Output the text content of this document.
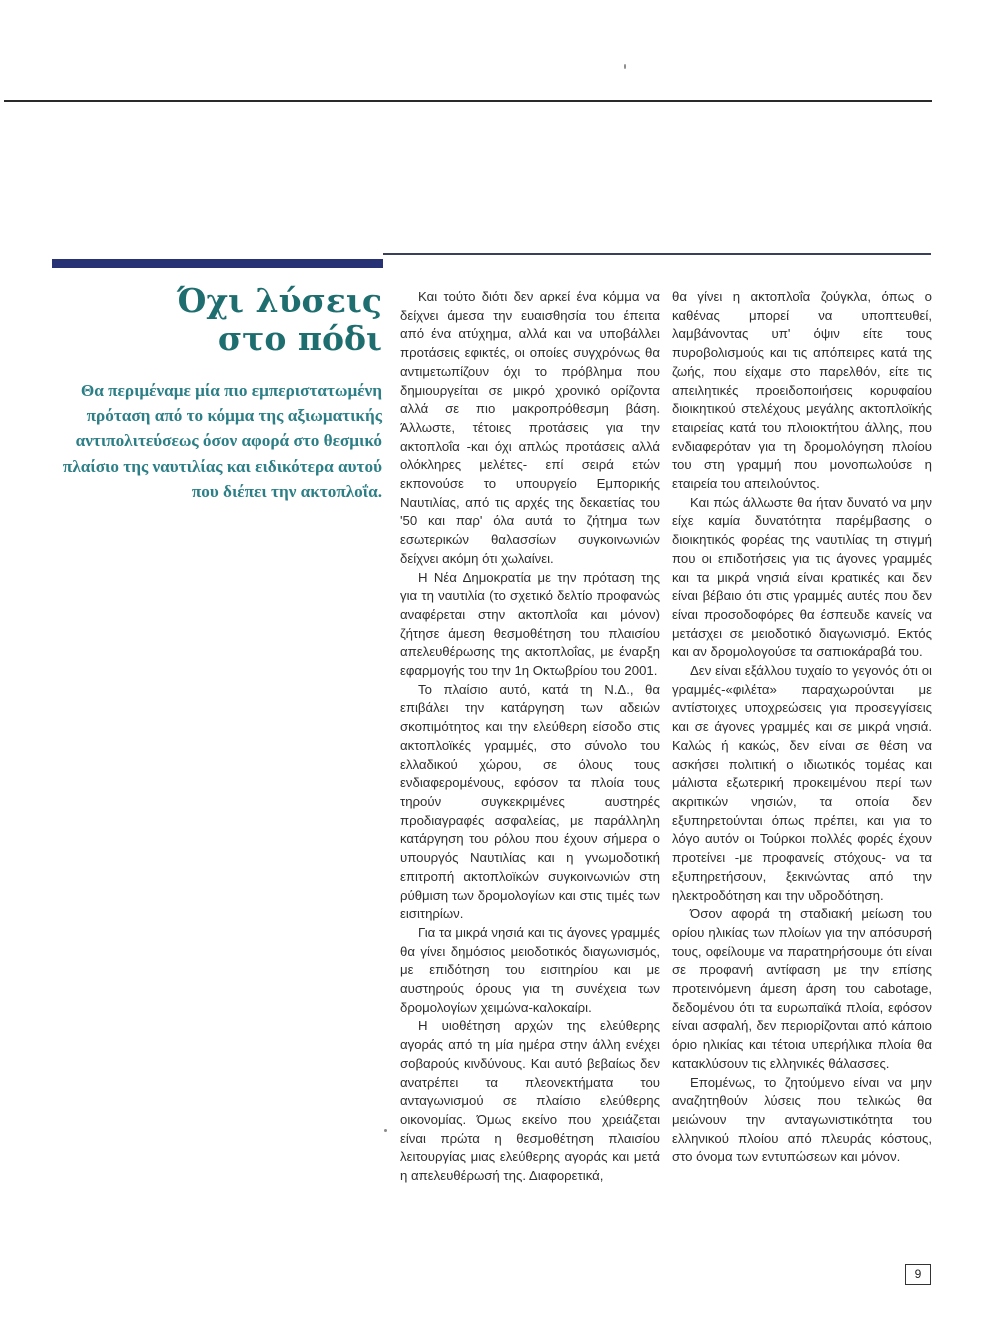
Όχι λύσεις
στο πόδι

Θα περιμέναμε μία πιο εμπεριστατωμένη πρόταση από το κόμμα της αξιωματικής αντιπολιτεύσεως όσον αφορά στο θεσμικό πλαίσιο της ναυτιλίας και ειδικότερα αυτού που διέπει την ακτοπλοΐα.

Και τούτο διότι δεν αρκεί ένα κόμμα να δείχνει άμεσα την ευαισθησία του έπειτα από ένα ατύχημα, αλλά και να υποβάλλει προτάσεις εφικτές, οι οποίες συγχρόνως θα αντιμετωπίζουν όχι το πρόβλημα που δημιουργείται σε μικρό χρονικό ορίζοντα αλλά σε πιο μακροπρόθεσμη βάση. Άλλωστε, τέτοιες προτάσεις για την ακτοπλοΐα -και όχι απλώς προτάσεις αλλά ολόκληρες μελέτες- επί σειρά ετών εκπονούσε το υπουργείο Εμπορικής Ναυτιλίας, από τις αρχές της δεκαετίας του '50 και παρ' όλα αυτά το ζήτημα των εσωτερικών θαλασσίων συγκοινωνιών δείχνει ακόμη ότι χωλαίνει.

Η Νέα Δημοκρατία με την πρόταση της για τη ναυτιλία (το σχετικό δελτίο προφανώς αναφέρεται στην ακτοπλοΐα και μόνον) ζήτησε άμεση θεσμοθέτηση του πλαισίου απελευθέρωσης της ακτοπλοΐας, με έναρξη εφαρμογής του την 1η Οκτωβρίου του 2001.

Το πλαίσιο αυτό, κατά τη Ν.Δ., θα επιβάλει την κατάργηση των αδειών σκοπιμότητος και την ελεύθερη είσοδο στις ακτοπλοϊκές γραμμές, στο σύνολο του ελλαδικού χώρου, σε όλους τους ενδιαφερομένους, εφόσον τα πλοία τους τηρούν συγκεκριμένες αυστηρές προδιαγραφές ασφαλείας, με παράλληλη κατάργηση του ρόλου που έχουν σήμερα ο υπουργός Ναυτιλίας και η γνωμοδοτική επιτροπή ακτοπλοϊκών συγκοινωνιών στη ρύθμιση των δρομολογίων και στις τιμές των εισιτηρίων.

Για τα μικρά νησιά και τις άγονες γραμμές θα γίνει δημόσιος μειοδοτικός διαγωνισμός, με επιδότηση του εισιτηρίου και με αυστηρούς όρους για τη συνέχεια των δρομολογίων χειμώνα-καλοκαίρι.

Η υιοθέτηση αρχών της ελεύθερης αγοράς από τη μία ημέρα στην άλλη ενέχει σοβαρούς κινδύνους. Και αυτό βεβαίως δεν ανατρέπει τα πλεονεκτήματα του ανταγωνισμού σε πλαίσιο ελεύθερης οικονομίας. Όμως εκείνο που χρειάζεται είναι πρώτα η θεσμοθέτηση πλαισίου λειτουργίας μιας ελεύθερης αγοράς και μετά η απελευθέρωσή της. Διαφορετικά,

θα γίνει η ακτοπλοΐα ζούγκλα, όπως ο καθένας μπορεί να υποπτευθεί, λαμβάνοντας υπ' όψιν είτε τους πυροβολισμούς και τις απόπειρες κατά της ζωής, που είχαμε στο παρελθόν, είτε τις απειλητικές προειδοποιήσεις κορυφαίου διοικητικού στελέχους μεγάλης ακτοπλοϊκής εταιρείας κατά του πλοιοκτήτου άλλης, που ενδιαφερόταν για τη δρομολόγηση πλοίου του στη γραμμή που μονοπωλούσε η εταιρεία του απειλούντος.

Και πώς άλλωστε θα ήταν δυνατό να μην είχε καμία δυνατότητα παρέμβασης ο διοικητικός φορέας της ναυτιλίας τη στιγμή που οι επιδοτήσεις για τις άγονες γραμμές και τα μικρά νησιά είναι κρατικές και δεν είναι βέβαιο ότι στις γραμμές αυτές που δεν είναι προσοδοφόρες θα έσπευδε κανείς να μετάσχει σε μειοδοτικό διαγωνισμό. Εκτός και αν δρομολογούσε τα σαπιοκάραβά του.

Δεν είναι εξάλλου τυχαίο το γεγονός ότι οι γραμμές-«φιλέτα» παραχωρούνται με αντίστοιχες υποχρεώσεις για προσεγγίσεις και σε άγονες γραμμές και σε μικρά νησιά. Καλώς ή κακώς, δεν είναι σε θέση να ασκήσει πολιτική ο ιδιωτικός τομέας και μάλιστα εξωτερική προκειμένου περί των ακριτικών νησιών, τα οποία δεν εξυπηρετούνται όπως πρέπει, και για το λόγο αυτόν οι Τούρκοι πολλές φορές έχουν προτείνει -με προφανείς στόχους- να τα εξυπηρετήσουν, ξεκινώντας από την ηλεκτροδότηση και την υδροδότηση.

Όσον αφορά τη σταδιακή μείωση του ορίου ηλικίας των πλοίων για την απόσυρσή τους, οφείλουμε να παρατηρήσουμε ότι είναι σε προφανή αντίφαση με την επίσης προτεινόμενη άμεση άρση του cabotage, δεδομένου ότι τα ευρωπαϊκά πλοία, εφόσον είναι ασφαλή, δεν περιορίζονται από κάποιο όριο ηλικίας και τέτοια υπερήλικα πλοία θα κατακλύσουν τις ελληνικές θάλασσες.

Επομένως, το ζητούμενο είναι να μην αναζητηθούν λύσεις που τελικώς θα μειώνουν την ανταγωνιστικότητα του ελληνικού πλοίου από πλευράς κόστους, στο όνομα των εντυπώσεων και μόνον.

9
